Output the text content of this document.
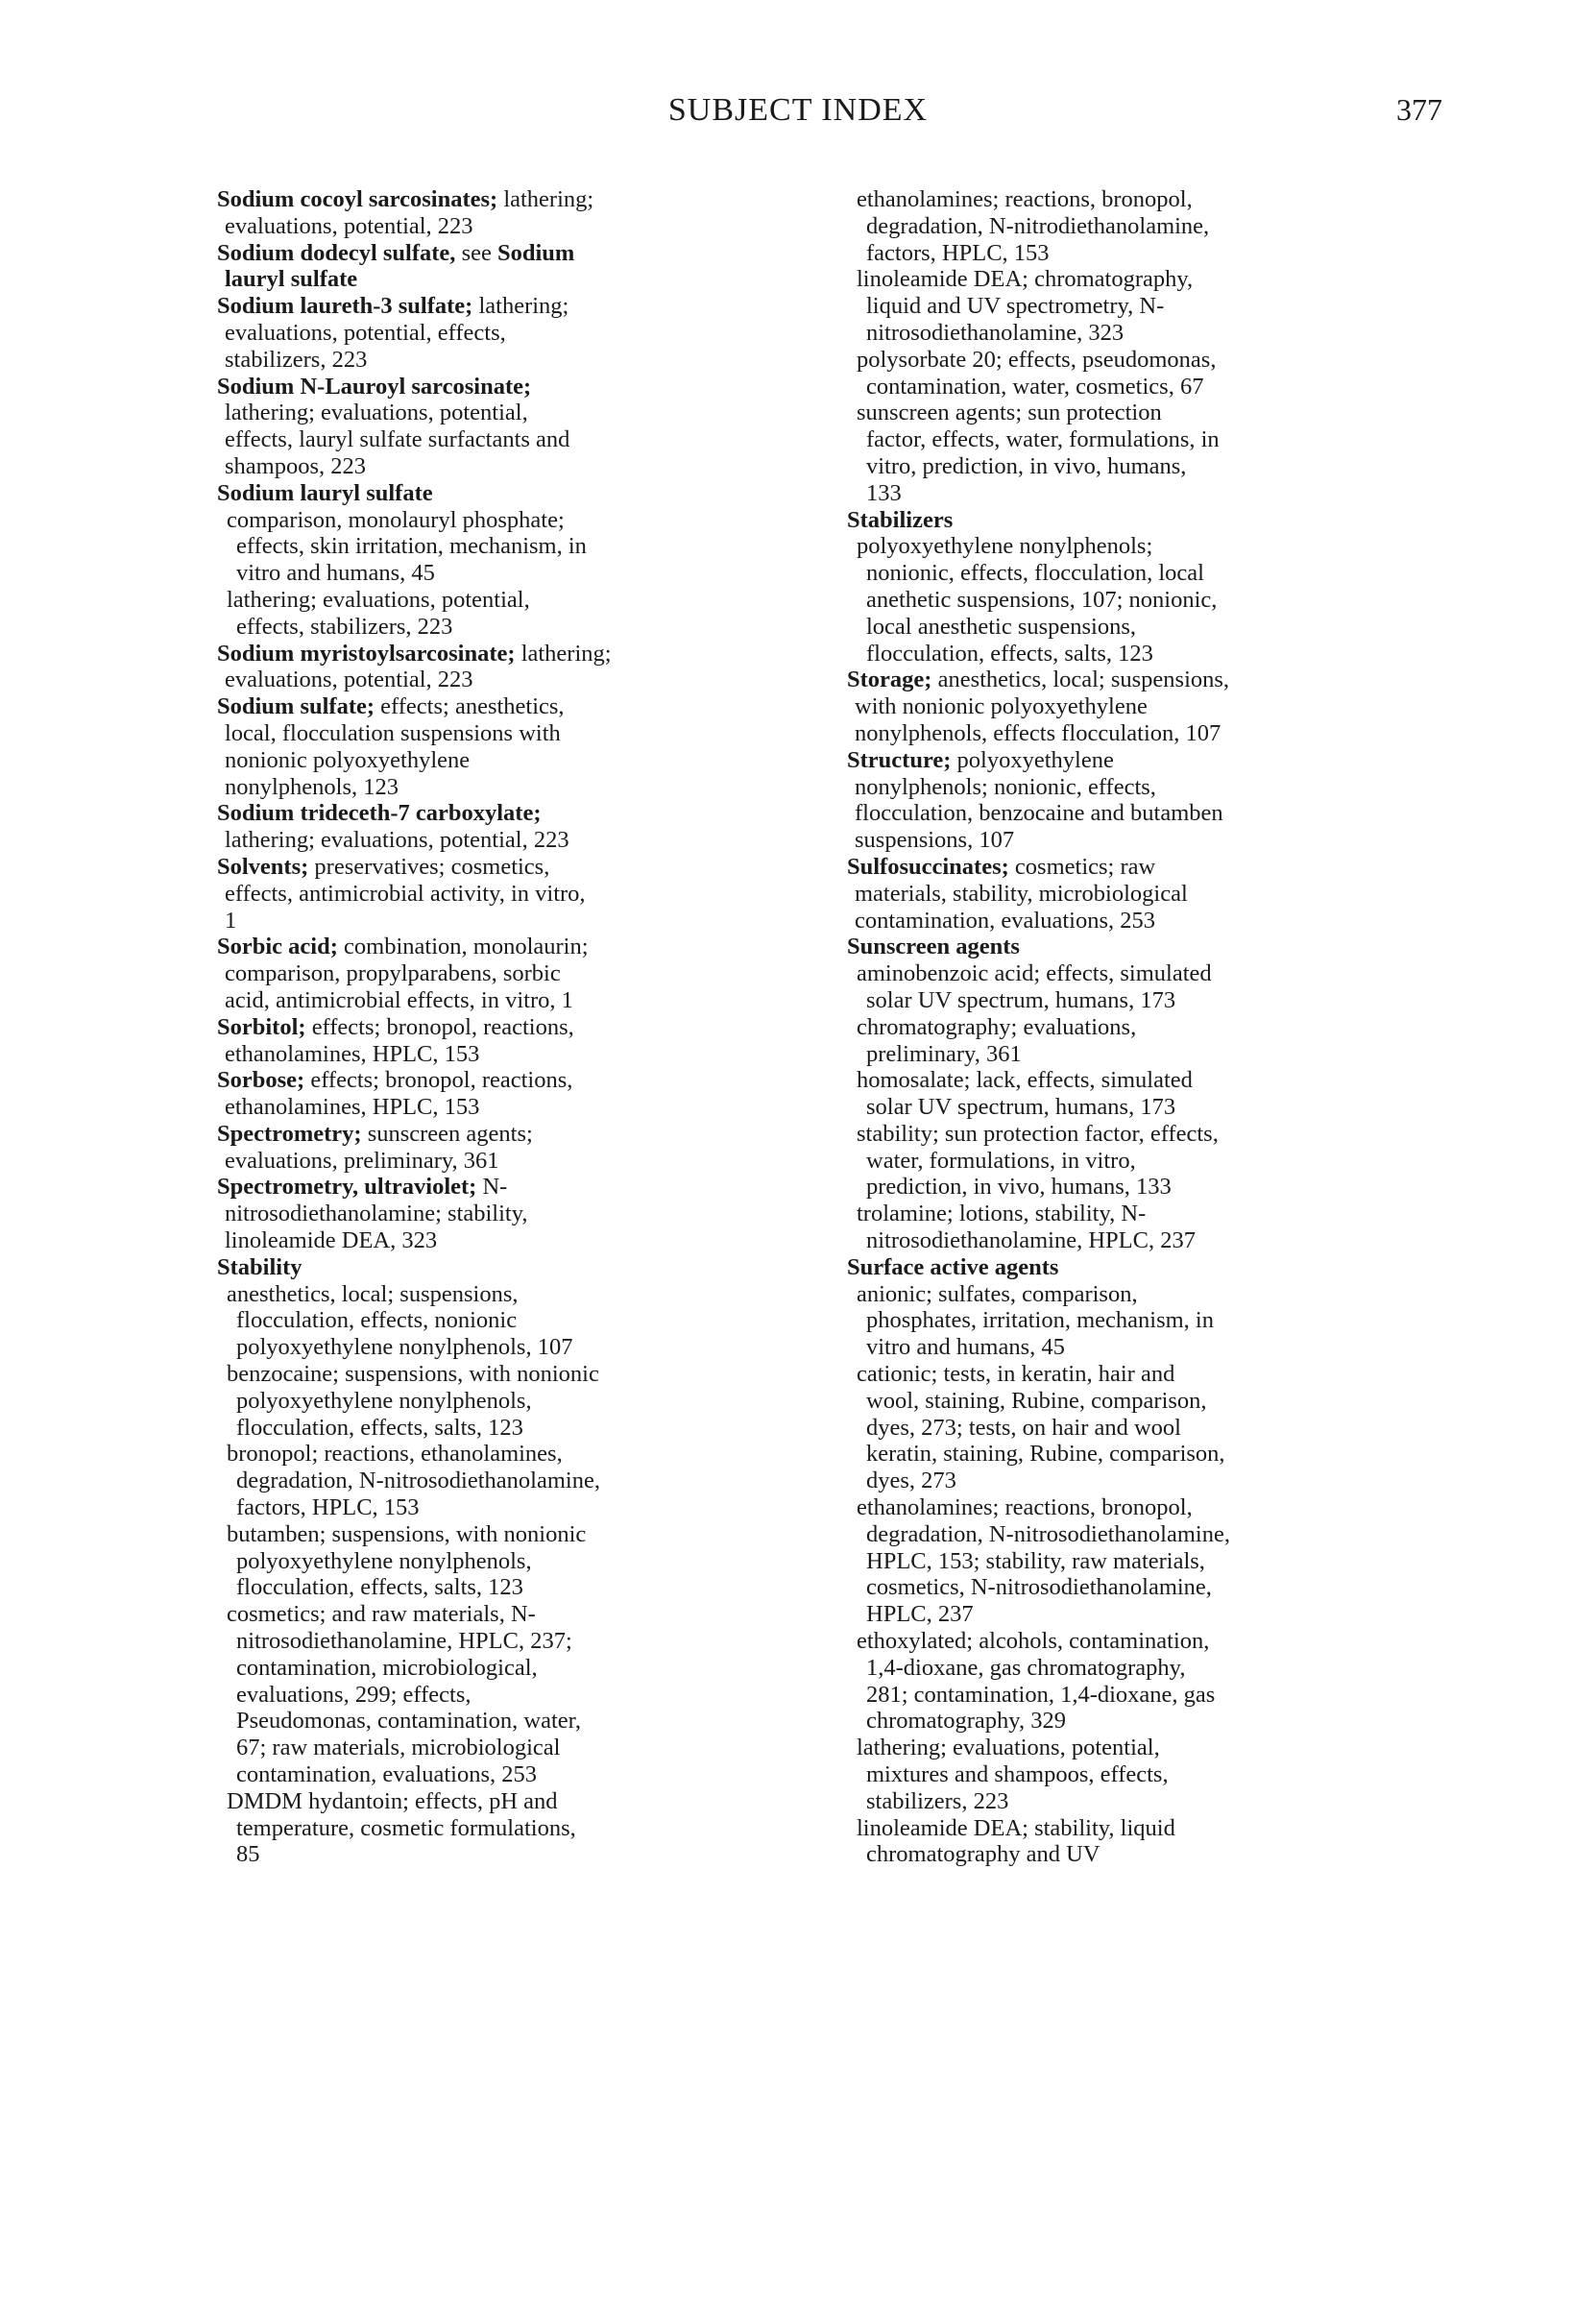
SUBJECT INDEX	377
Sodium cocoyl sarcosinates; lathering;
evaluations, potential, 223
Sodium dodecyl sulfate, see Sodium
lauryl sulfate
Sodium laureth-3 sulfate; lathering;
evaluations, potential, effects,
stabilizers, 223
Sodium N-Lauroyl sarcosinate;
lathering; evaluations, potential,
effects, lauryl sulfate surfactants and
shampoos, 223
Sodium lauryl sulfate
comparison, monolauryl phosphate;
effects, skin irritation, mechanism, in
vitro and humans, 45
lathering; evaluations, potential,
effects, stabilizers, 223
Sodium myristoylsarcosinate; lathering;
evaluations, potential, 223
Sodium sulfate; effects; anesthetics,
local, flocculation suspensions with
nonionic polyoxyethylene
nonylphenols, 123
Sodium trideceth-7 carboxylate;
lathering; evaluations, potential, 223
Solvents; preservatives; cosmetics,
effects, antimicrobial activity, in vitro,
1
Sorbic acid; combination, monolaurin;
comparison, propylparabens, sorbic
acid, antimicrobial effects, in vitro, 1
Sorbitol; effects; bronopol, reactions,
ethanolamines, HPLC, 153
Sorbose; effects; bronopol, reactions,
ethanolamines, HPLC, 153
Spectrometry; sunscreen agents;
evaluations, preliminary, 361
Spectrometry, ultraviolet; N-
nitrosodiethanolamine; stability,
linoleamide DEA, 323
Stability
anesthetics, local; suspensions,
flocculation, effects, nonionic
polyoxyethylene nonylphenols, 107
benzocaine; suspensions, with nonionic
polyoxyethylene nonylphenols,
flocculation, effects, salts, 123
bronopol; reactions, ethanolamines,
degradation, N-nitrosodiethanolamine,
factors, HPLC, 153
butamben; suspensions, with nonionic
polyoxyethylene nonylphenols,
flocculation, effects, salts, 123
cosmetics; and raw materials, N-
nitrosodiethanolamine, HPLC, 237;
contamination, microbiological,
evaluations, 299; effects,
Pseudomonas, contamination, water,
67; raw materials, microbiological
contamination, evaluations, 253
DMDM hydantoin; effects, pH and
temperature, cosmetic formulations,
85
ethanolamines; reactions, bronopol,
degradation, N-nitrodiethanolamine,
factors, HPLC, 153
linoleamide DEA; chromatography,
liquid and UV spectrometry, N-
nitrosodiethanolamine, 323
polysorbate 20; effects, pseudomonas,
contamination, water, cosmetics, 67
sunscreen agents; sun protection
factor, effects, water, formulations, in
vitro, prediction, in vivo, humans,
133
Stabilizers
polyoxyethylene nonylphenols;
nonionic, effects, flocculation, local
anethetic suspensions, 107; nonionic,
local anesthetic suspensions,
flocculation, effects, salts, 123
Storage; anesthetics, local; suspensions,
with nonionic polyoxyethylene
nonylphenols, effects flocculation, 107
Structure; polyoxyethylene
nonylphenols; nonionic, effects,
flocculation, benzocaine and butamben
suspensions, 107
Sulfosuccinates; cosmetics; raw
materials, stability, microbiological
contamination, evaluations, 253
Sunscreen agents
aminobenzoic acid; effects, simulated
solar UV spectrum, humans, 173
chromatography; evaluations,
preliminary, 361
homosalate; lack, effects, simulated
solar UV spectrum, humans, 173
stability; sun protection factor, effects,
water, formulations, in vitro,
prediction, in vivo, humans, 133
trolamine; lotions, stability, N-
nitrosodiethanolamine, HPLC, 237
Surface active agents
anionic; sulfates, comparison,
phosphates, irritation, mechanism, in
vitro and humans, 45
cationic; tests, in keratin, hair and
wool, staining, Rubine, comparison,
dyes, 273; tests, on hair and wool
keratin, staining, Rubine, comparison,
dyes, 273
ethanolamines; reactions, bronopol,
degradation, N-nitrosodiethanolamine,
HPLC, 153; stability, raw materials,
cosmetics, N-nitrosodiethanolamine,
HPLC, 237
ethoxylated; alcohols, contamination,
1,4-dioxane, gas chromatography,
281; contamination, 1,4-dioxane, gas
chromatography, 329
lathering; evaluations, potential,
mixtures and shampoos, effects,
stabilizers, 223
linoleamide DEA; stability, liquid
chromatography and UV
